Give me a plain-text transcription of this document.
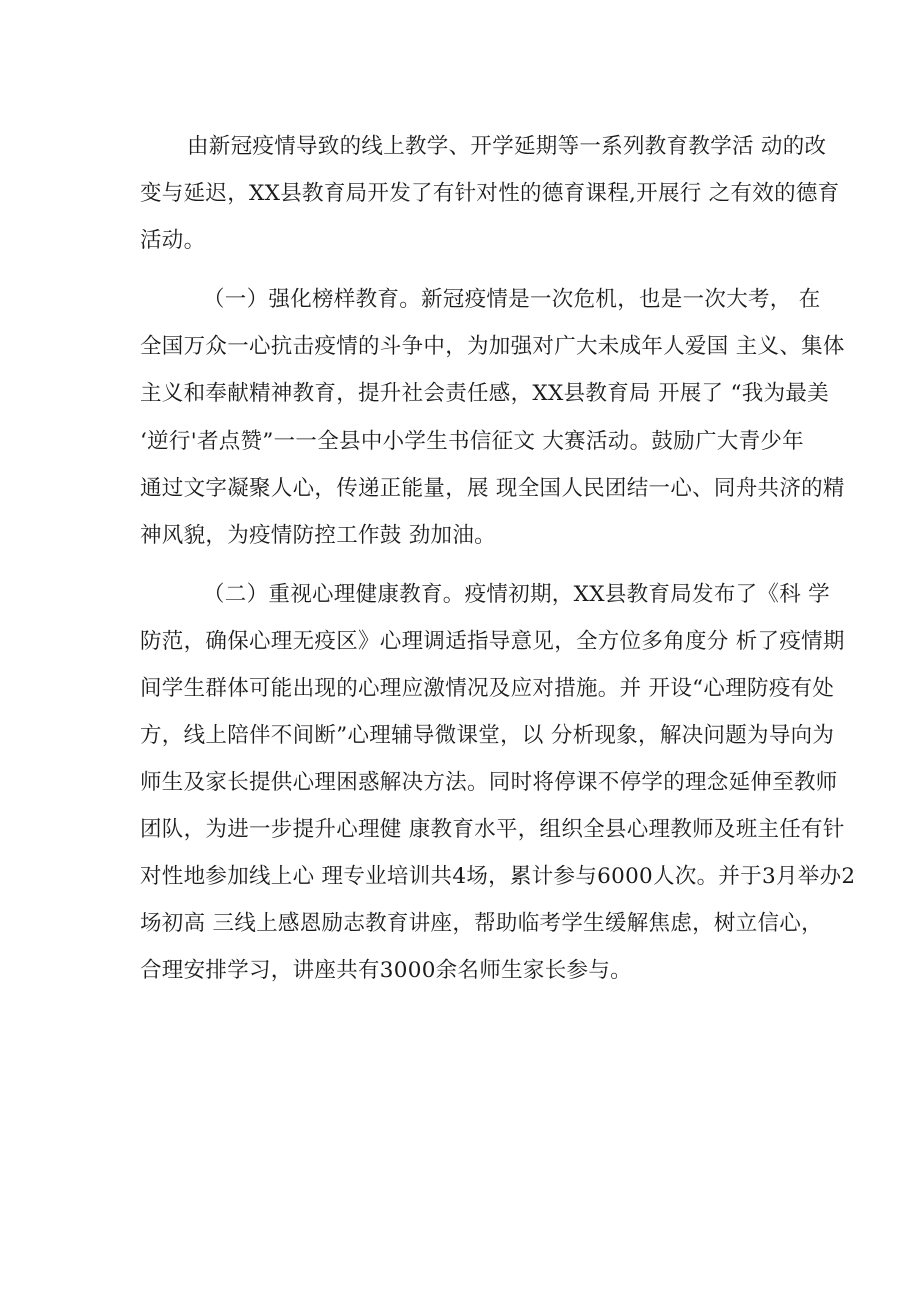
由新冠疫情导致的线上教学、开学延期等一系列教育教学活 动的改
变与延迟，XX县教育局开发了有针对性的德育课程,开展行 之有效的德育
活动。
（一）强化榜样教育。新冠疫情是一次危机，也是一次大考， 在
全国万众一心抗击疫情的斗争中，为加强对广大未成年人爱国 主义、集体
主义和奉献精神教育，提升社会责任感，XX县教育局 开展了 “我为最美
‘逆行'者点赞”一一全县中小学生书信征文 大赛活动。鼓励广大青少年
通过文字凝聚人心，传递正能量，展 现全国人民团结一心、同舟共济的精
神风貌，为疫情防控工作鼓 劲加油。
（二）重视心理健康教育。疫情初期，XX县教育局发布了《科 学
防范，确保心理无疫区》心理调适指导意见，全方位多角度分 析了疫情期
间学生群体可能出现的心理应激情况及应对措施。并 开设“心理防疫有处
方，线上陪伴不间断”心理辅导微课堂，以 分析现象，解决问题为导向为
师生及家长提供心理困惑解决方法。同时将停课不停学的理念延伸至教师
团队，为进一步提升心理健 康教育水平，组织全县心理教师及班主任有针
对性地参加线上心 理专业培训共4场，累计参与6000人次。并于3月举办2
场初高 三线上感恩励志教育讲座，帮助临考学生缓解焦虑，树立信心，
合理安排学习，讲座共有3000余名师生家长参与。
